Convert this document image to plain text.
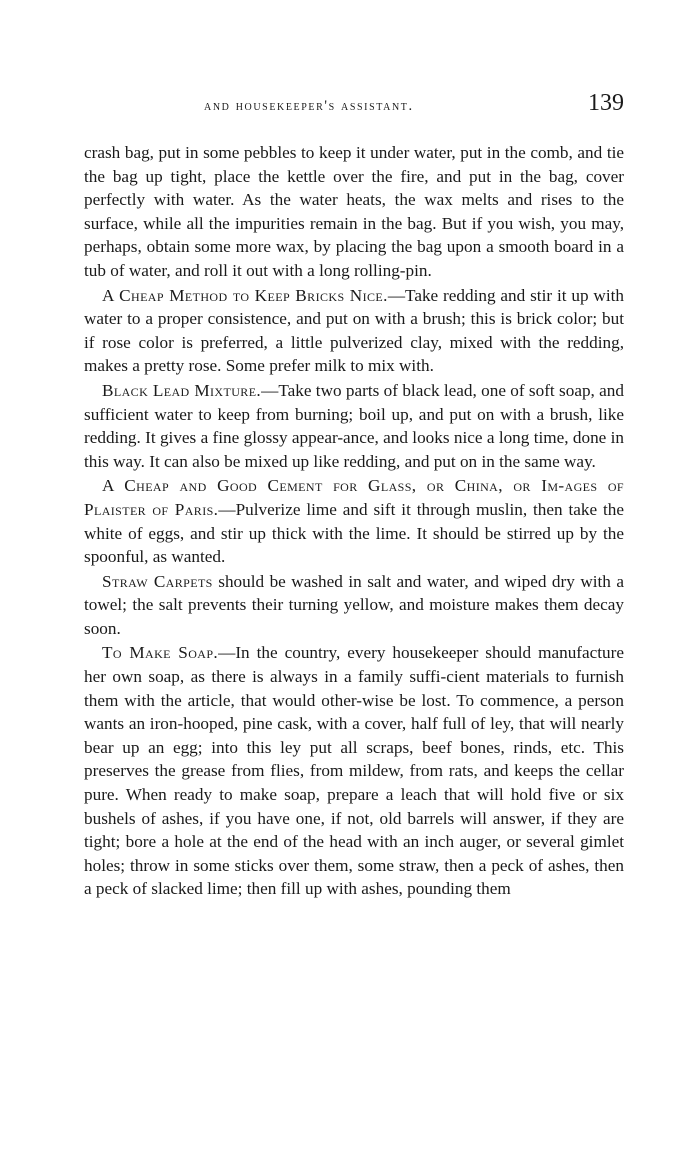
and housekeeper's assistant.	139

crash bag, put in some pebbles to keep it under water, put in the comb, and tie the bag up tight, place the kettle over the fire, and put in the bag, cover perfectly with water. As the water heats, the wax melts and rises to the surface, while all the impurities remain in the bag. But if you wish, you may, perhaps, obtain some more wax, by placing the bag upon a smooth board in a tub of water, and roll it out with a long rolling-pin.

A Cheap Method to Keep Bricks Nice.—Take redding and stir it up with water to a proper consistence, and put on with a brush; this is brick color; but if rose color is preferred, a little pulverized clay, mixed with the redding, makes a pretty rose. Some prefer milk to mix with.

Black Lead Mixture.—Take two parts of black lead, one of soft soap, and sufficient water to keep from burning; boil up, and put on with a brush, like redding. It gives a fine glossy appear-ance, and looks nice a long time, done in this way. It can also be mixed up like redding, and put on in the same way.

A Cheap and Good Cement for Glass, or China, or Im-ages of Plaister of Paris.—Pulverize lime and sift it through muslin, then take the white of eggs, and stir up thick with the lime. It should be stirred up by the spoonful, as wanted.

Straw Carpets should be washed in salt and water, and wiped dry with a towel; the salt prevents their turning yellow, and moisture makes them decay soon.

To Make Soap.—In the country, every housekeeper should manufacture her own soap, as there is always in a family suffi-cient materials to furnish them with the article, that would other-wise be lost. To commence, a person wants an iron-hooped, pine cask, with a cover, half full of ley, that will nearly bear up an egg; into this ley put all scraps, beef bones, rinds, etc. This preserves the grease from flies, from mildew, from rats, and keeps the cellar pure. When ready to make soap, prepare a leach that will hold five or six bushels of ashes, if you have one, if not, old barrels will answer, if they are tight; bore a hole at the end of the head with an inch auger, or several gimlet holes; throw in some sticks over them, some straw, then a peck of ashes, then a peck of slacked lime; then fill up with ashes, pounding them
